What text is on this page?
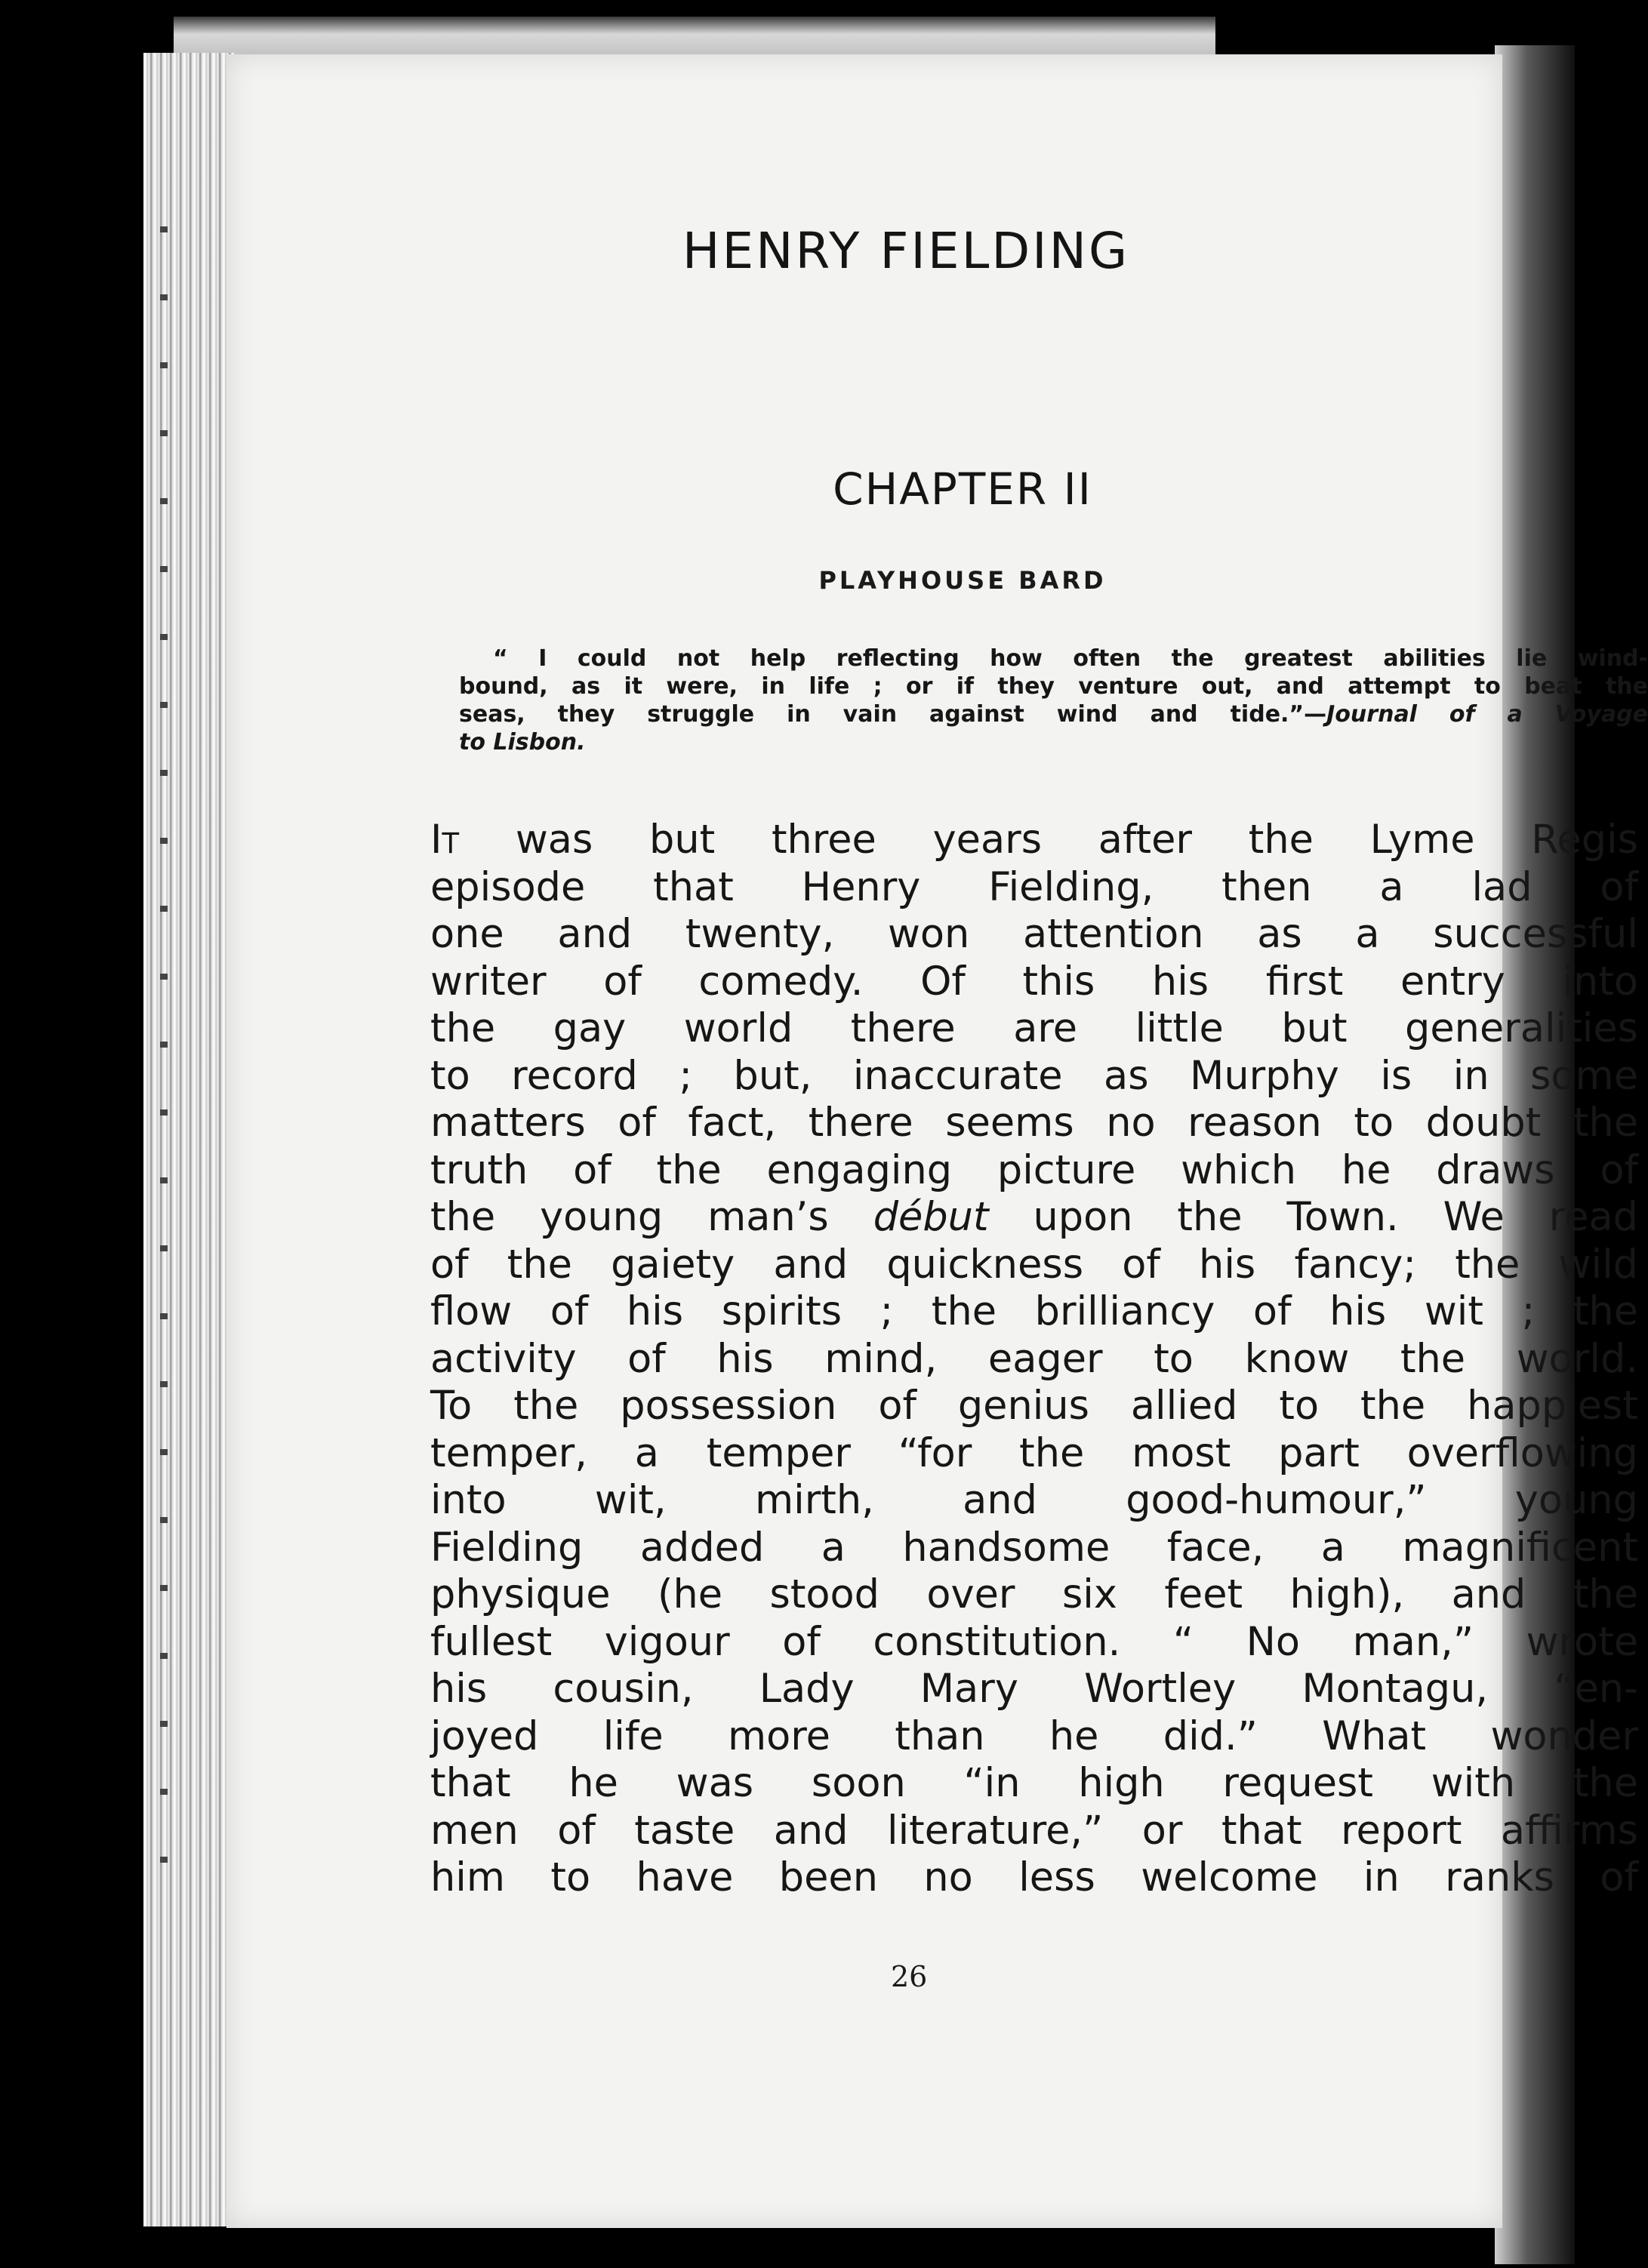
HENRY FIELDING
CHAPTER II
PLAYHOUSE BARD
“ I could not help reflecting how often the greatest abilities lie wind-
bound, as it were, in life ; or if they venture out, and attempt to beat the
seas, they struggle in vain against wind and tide.”—Journal of a Voyage
to Lisbon.
It was but three years after the Lyme Regis
episode that Henry Fielding, then a lad of
one and twenty, won attention as a successful
writer of comedy. Of this his first entry into
the gay world there are little but generalities
to record ; but, inaccurate as Murphy is in some
matters of fact, there seems no reason to doubt the
truth of the engaging picture which he draws of
the young man’s début upon the Town. We read
of the gaiety and quickness of his fancy; the wild
flow of his spirits ; the brilliancy of his wit ; the
activity of his mind, eager to know the world.
To the possession of genius allied to the happiest
temper, a temper “for the most part overflowing
into wit, mirth, and good-humour,” young
Fielding added a handsome face, a magnificent
physique (he stood over six feet high), and the
fullest vigour of constitution. “ No man,” wrote
his cousin, Lady Mary Wortley Montagu, “en-
joyed life more than he did.” What wonder
that he was soon “in high request with the
men of taste and literature,” or that report affirms
him to have been no less welcome in ranks of
26
